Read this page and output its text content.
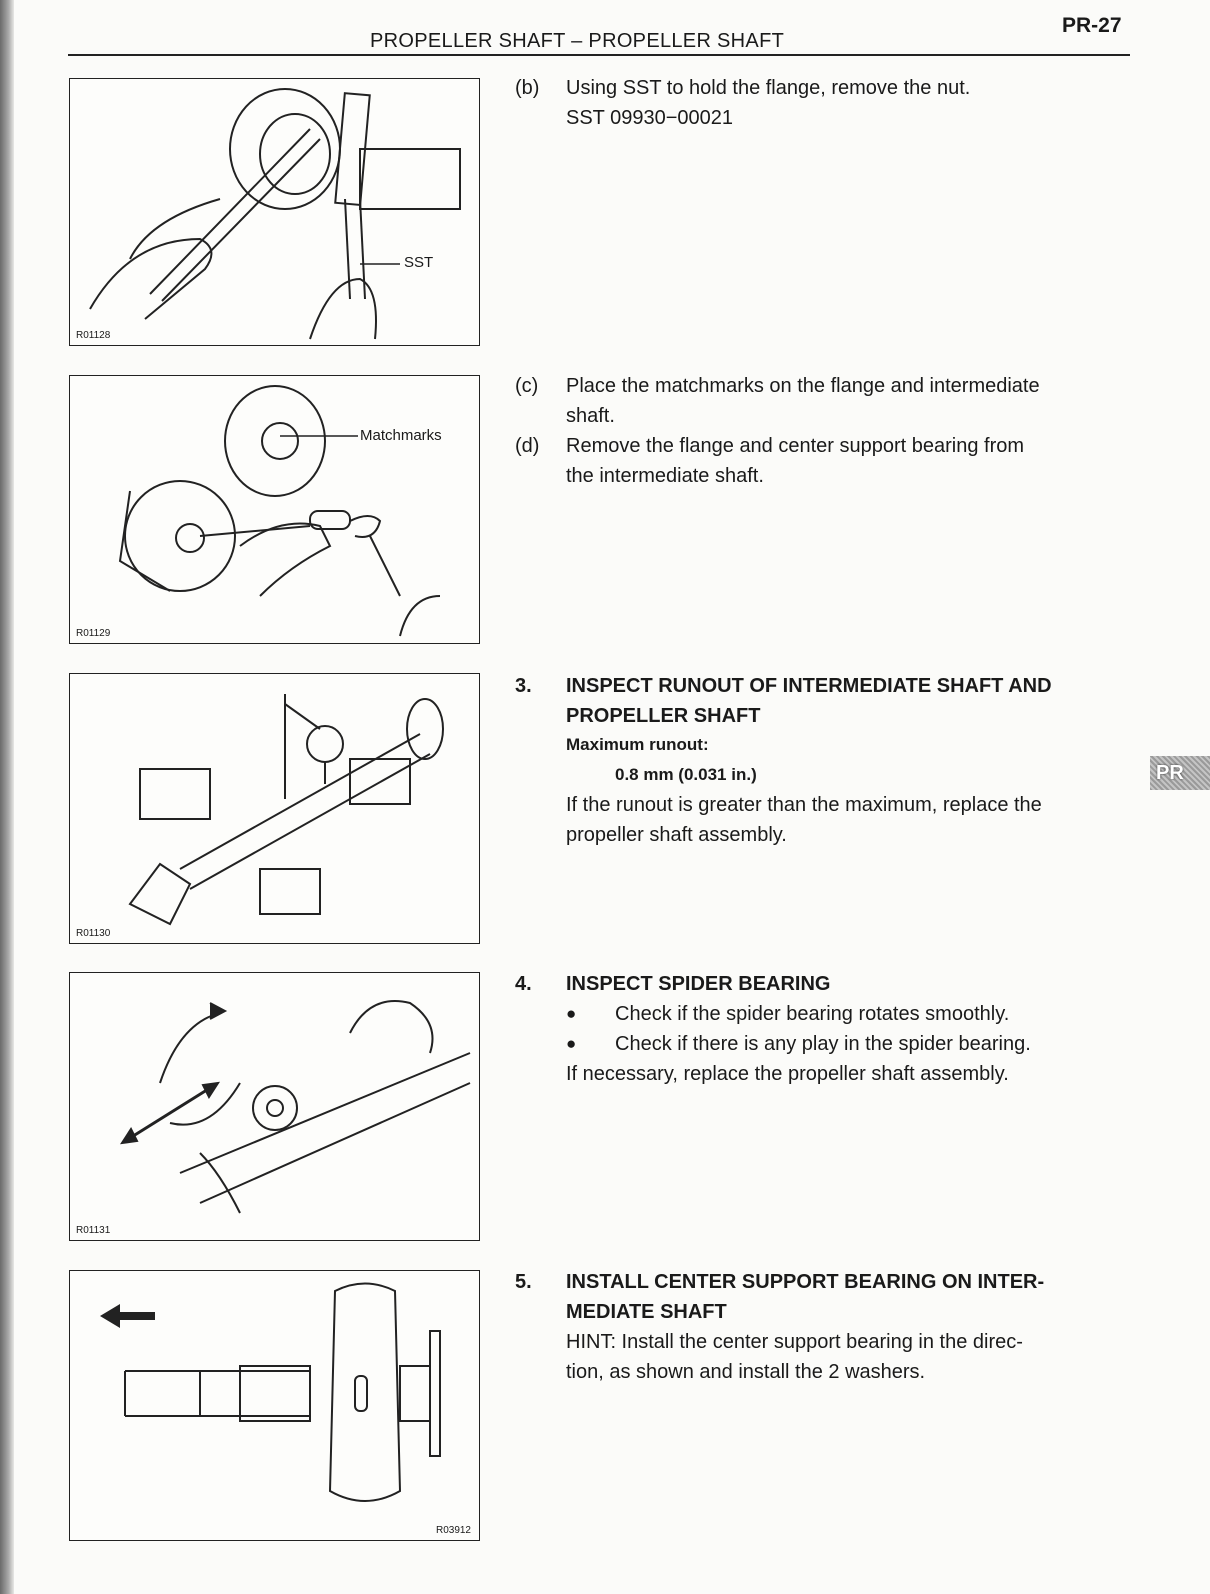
PROPELLER SHAFT – PROPELLER SHAFT
PR-27
PR
SST
R01128
Matchmarks
R01129
R01130
R01131
R03912
(b) Using SST to hold the flange, remove the nut.
SST 09930−00021
(c) Place the matchmarks on the flange and intermediate
shaft.
(d) Remove the flange and center support bearing from
the intermediate shaft.
3. INSPECT RUNOUT OF INTERMEDIATE SHAFT AND
PROPELLER SHAFT
Maximum runout:
0.8 mm (0.031 in.)
If the runout is greater than the maximum, replace the
propeller shaft assembly.
4. INSPECT SPIDER BEARING
● Check if the spider bearing rotates smoothly.
● Check if there is any play in the spider bearing.
If necessary, replace the propeller shaft assembly.
5. INSTALL CENTER SUPPORT BEARING ON INTER-
MEDIATE SHAFT
HINT: Install the center support bearing in the direc-
tion, as shown and install the 2 washers.
